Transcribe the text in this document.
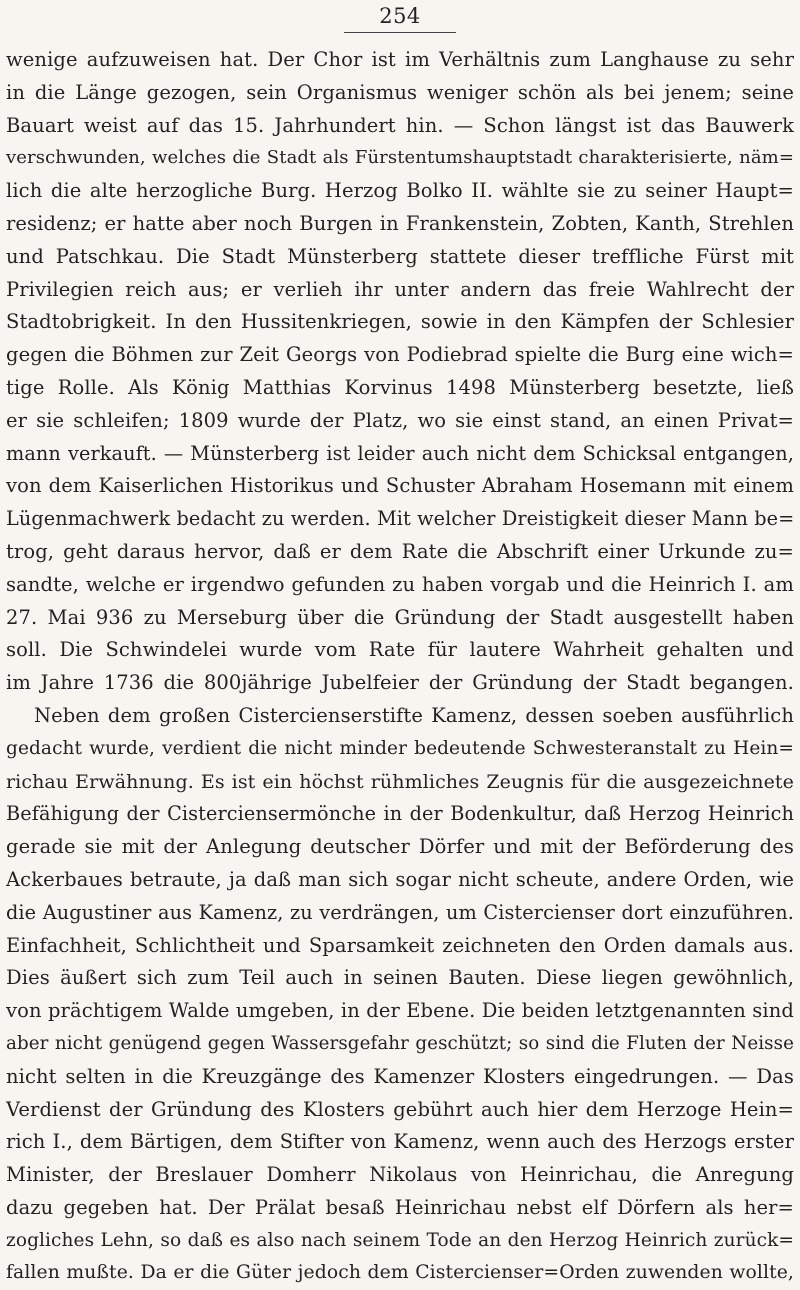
254
wenige aufzuweisen hat. Der Chor ist im Verhältnis zum Langhause zu sehr
in die Länge gezogen, sein Organismus weniger schön als bei jenem; seine
Bauart weist auf das 15. Jahrhundert hin. — Schon längst ist das Bauwerk
verschwunden, welches die Stadt als Fürstentumshauptstadt charakterisierte, näm=
lich die alte herzogliche Burg. Herzog Bolko II. wählte sie zu seiner Haupt=
residenz; er hatte aber noch Burgen in Frankenstein, Zobten, Kanth, Strehlen
und Patschkau. Die Stadt Münsterberg stattete dieser treffliche Fürst mit
Privilegien reich aus; er verlieh ihr unter andern das freie Wahlrecht der
Stadtobrigkeit. In den Hussitenkriegen, sowie in den Kämpfen der Schlesier
gegen die Böhmen zur Zeit Georgs von Podiebrad spielte die Burg eine wich=
tige Rolle. Als König Matthias Korvinus 1498 Münsterberg besetzte, ließ
er sie schleifen; 1809 wurde der Platz, wo sie einst stand, an einen Privat=
mann verkauft. — Münsterberg ist leider auch nicht dem Schicksal entgangen,
von dem Kaiserlichen Historikus und Schuster Abraham Hosemann mit einem
Lügenmachwerk bedacht zu werden. Mit welcher Dreistigkeit dieser Mann be=
trog, geht daraus hervor, daß er dem Rate die Abschrift einer Urkunde zu=
sandte, welche er irgendwo gefunden zu haben vorgab und die Heinrich I. am
27. Mai 936 zu Merseburg über die Gründung der Stadt ausgestellt haben
soll. Die Schwindelei wurde vom Rate für lautere Wahrheit gehalten und
im Jahre 1736 die 800jährige Jubelfeier der Gründung der Stadt begangen.
Neben dem großen Cistercienserstifte Kamenz, dessen soeben ausführlich
gedacht wurde, verdient die nicht minder bedeutende Schwesteranstalt zu Hein=
richau Erwähnung. Es ist ein höchst rühmliches Zeugnis für die ausgezeichnete
Befähigung der Cisterciensermönche in der Bodenkultur, daß Herzog Heinrich
gerade sie mit der Anlegung deutscher Dörfer und mit der Beförderung des
Ackerbaues betraute, ja daß man sich sogar nicht scheute, andere Orden, wie
die Augustiner aus Kamenz, zu verdrängen, um Cistercienser dort einzuführen.
Einfachheit, Schlichtheit und Sparsamkeit zeichneten den Orden damals aus.
Dies äußert sich zum Teil auch in seinen Bauten. Diese liegen gewöhnlich,
von prächtigem Walde umgeben, in der Ebene. Die beiden letztgenannten sind
aber nicht genügend gegen Wassersgefahr geschützt; so sind die Fluten der Neisse
nicht selten in die Kreuzgänge des Kamenzer Klosters eingedrungen. — Das
Verdienst der Gründung des Klosters gebührt auch hier dem Herzoge Hein=
rich I., dem Bärtigen, dem Stifter von Kamenz, wenn auch des Herzogs erster
Minister, der Breslauer Domherr Nikolaus von Heinrichau, die Anregung
dazu gegeben hat. Der Prälat besaß Heinrichau nebst elf Dörfern als her=
zogliches Lehn, so daß es also nach seinem Tode an den Herzog Heinrich zurück=
fallen mußte. Da er die Güter jedoch dem Cistercienser=Orden zuwenden wollte,
